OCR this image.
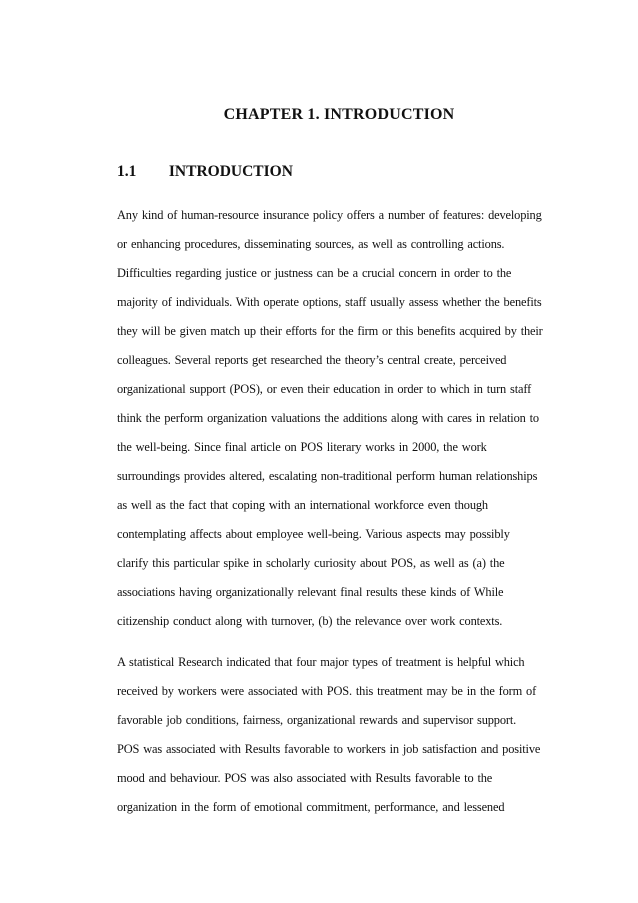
CHAPTER 1. INTRODUCTION
1.1 INTRODUCTION
Any kind of human-resource insurance policy offers a number of features: developing
or enhancing procedures, disseminating sources, as well as controlling actions.
Difficulties regarding justice or justness can be a crucial concern in order to the
majority of individuals. With operate options, staff usually assess whether the benefits
they will be given match up their efforts for the firm or this benefits acquired by their
colleagues. Several reports get researched the theory’s central create, perceived
organizational support (POS), or even their education in order to which in turn staff
think the perform organization valuations the additions along with cares in relation to
the well-being. Since final article on POS literary works in 2000, the work
surroundings provides altered, escalating non-traditional perform human relationships
as well as the fact that coping with an international workforce even though
contemplating affects about employee well-being. Various aspects may possibly
clarify this particular spike in scholarly curiosity about POS, as well as (a) the
associations having organizationally relevant final results these kinds of While
citizenship conduct along with turnover, (b) the relevance over work contexts.
A statistical Research indicated that four major types of treatment is helpful which
received by workers were associated with POS. this treatment may be in the form of
favorable job conditions, fairness, organizational rewards and supervisor support.
POS was associated with Results favorable to workers in job satisfaction and positive
mood and behaviour. POS was also associated with Results favorable to the
organization in the form of emotional commitment, performance, and lessened
